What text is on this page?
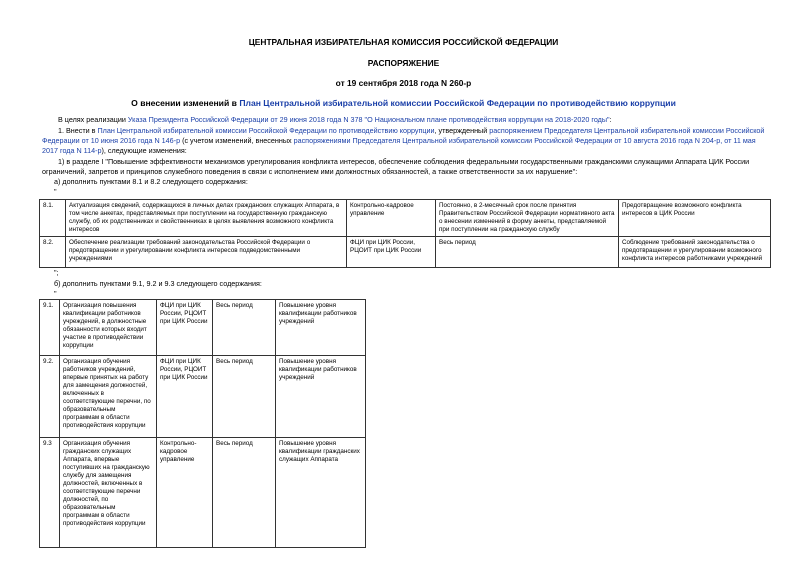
ЦЕНТРАЛЬНАЯ ИЗБИРАТЕЛЬНАЯ КОМИССИЯ РОССИЙСКОЙ ФЕДЕРАЦИИ
РАСПОРЯЖЕНИЕ
от 19 сентября 2018 года N 260-р
О внесении изменений в План Центральной избирательной комиссии Российской Федерации по противодействию коррупции
В целях реализации Указа Президента Российской Федерации от 29 июня 2018 года N 378 "О Национальном плане противодействия коррупции на 2018-2020 годы":
1. Внести в План Центральной избирательной комиссии Российской Федерации по противодействию коррупции, утвержденный распоряжением Председателя Центральной избирательной комиссии Российской
Федерации от 10 июня 2016 года N 146-р (с учетом изменений, внесенных распоряжениями Председателя Центральной избирательной комиссии Российской Федерации от 10 августа 2016 года N 204-р, от 11 мая
2017 года N 114-р), следующие изменения:
1) в разделе I "Повышение эффективности механизмов урегулирования конфликта интересов, обеспечение соблюдения федеральными государственными гражданскими служащими Аппарата ЦИК России
ограничений, запретов и принципов служебного поведения в связи с исполнением ими должностных обязанностей, а также ответственности за их нарушение":
а) дополнить пунктами 8.1 и 8.2 следующего содержания:
"
8.1.	Актуализация сведений, содержащихся в личных делах гражданских служащих Аппарата, в том числе анкетах, представляемых при поступлении на государственную гражданскую службу, об их родственниках и свойственниках в целях выявления возможного конфликта интересов	Контрольно-кадровое управление	Постоянно, в 2-месячный срок после принятия Правительством Российской Федерации нормативного акта о внесении изменений в форму анкеты, представляемой при поступлении на гражданскую службу	Предотвращение возможного конфликта интересов в ЦИК России
8.2.	Обеспечение реализации требований законодательства Российской Федерации о предотвращении и урегулировании конфликта интересов подведомственными учреждениями	ФЦИ при ЦИК России, РЦОИТ при ЦИК России	Весь период	Соблюдение требований законодательства о предотвращении и урегулировании возможного конфликта интересов работниками учреждений
";
б) дополнить пунктами 9.1, 9.2 и 9.3 следующего содержания:
"
9.1.	Организация повышения квалификации работников учреждений, в должностные обязанности которых входит участие в противодействии коррупции	ФЦИ при ЦИК России, РЦОИТ при ЦИК России	Весь период	Повышение уровня квалификации работников учреждений
9.2.	Организация обучения работников учреждений, впервые принятых на работу для замещения должностей, включенных в соответствующие перечни, по образовательным программам в области противодействия коррупции	ФЦИ при ЦИК России, РЦОИТ при ЦИК России	Весь период	Повышение уровня квалификации работников учреждений
9.3	Организация обучения гражданских служащих Аппарата, впервые поступивших на гражданскую службу для замещения должностей, включенных в соответствующие перечни должностей, по образовательным программам в области противодействия коррупции	Контрольно-кадровое управление	Весь период	Повышение уровня квалификации гражданских служащих Аппарата
